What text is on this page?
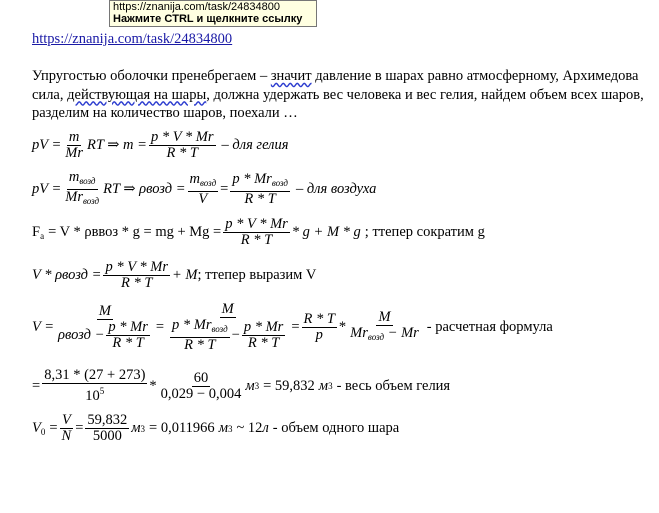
https://znanija.com/task/24834800
Нажмите CTRL и щелкните ссылку
https://znanija.com/task/24834800
Упругостью оболочки пренебрегаем – значит давление в шарах равно атмосферному, Архимедова сила, действующая на шары, должна удержать вес человека и вес гелия, найдем объем всех шаров, разделим на количество шаров, поехали …
pV = $\frac{m}{Mr}$ RT ⇒ $m = \frac{p * V * Mr}{R * T}$ – для гелия
pV = $\frac{m_{возд}}{Mr_{возд}}$ RT ⇒ ρвозд = $\frac{m_{возд}}{V} = \frac{p * Mr_{возд}}{R * T}$ – для воздуха
$F_a = V$ * ρввоз * g = mg + $Mg = \frac{p * V * Mr}{R * T} * g + M * g$ ; ттепер сократим g
V * ρвозд = $\frac{p * V * Mr}{R * T} + M$ ; ттепер выразим V
$V = \frac{M}{\rho возд - \frac{p * Mr}{R * T}} = \frac{M}{\frac{p * Mr_{возд}}{R * T} - \frac{p * Mr}{R * T}} = \frac{R * T}{p} * \frac{M}{Mr_{возд} - Mr}$ - расчетная формула
= $\frac{8,31 * (27 + 273)}{10^5} * \frac{60}{0,029 - 0,004}$ м 3 = 59,832 м 3 - весь объем гелия
$V_0 = \frac{V}{N} = \frac{59,832}{5000}$ м 3 = 0,011966 м 3 ~ 12 л - объем одного шара
